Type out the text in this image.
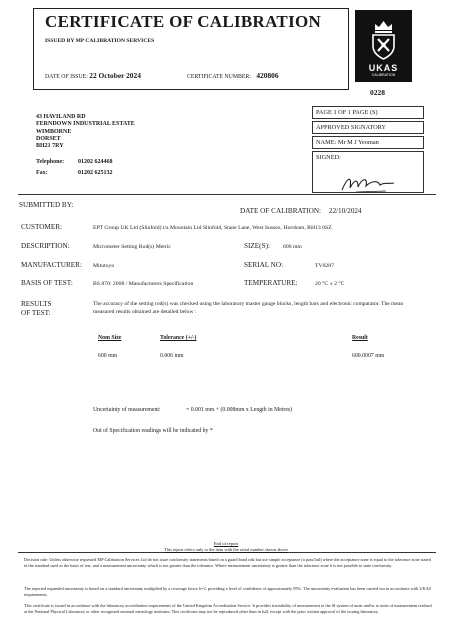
CERTIFICATE OF CALIBRATION
ISSUED BY MP CALIBRATION SERVICES
DATE OF ISSUE: 22 October 2024	CERTIFICATE NUMBER: 420806
UKAS
CALIBRATION
0228
43 HAVILAND RD
FERNDOWN INDUSTRIAL ESTATE
WIMBORNE
DORSET
BH21 7RY
Telephone: 01202 624468
Fax:	01202 625132
PAGE 1 OF 1 PAGE (S)
APPROVED SIGNATORY
NAME: Mr M J Yeoman
SIGNED:
SUBMITTED BY:
DATE OF CALIBRATION: 22/10/2024
CUSTOMER:	EPT Group UK Ltd (Slinfold) t/a Mountain Ltd Slinfold, Stane Lane, West Sussex, Horsham, RH13 0SZ
DESCRIPTION:	Micrometer Setting Rod(s) Metric	SIZE(S): 600 mm
MANUFACTURER: Mitutoyo	SERIAL NO:	TV0287
BASIS OF TEST:	BS 870: 2008 / Manufacturers Specification	TEMPERATURE:	20 °C ± 2 °C
RESULTS
OF TEST:
The accuracy of the setting rod(s) was checked using the laboratory master gauge blocks, length bars and electronic comparator. The mean measured results obtained are detailed below :
Nom Size	Tolerance (+/-)	Result
600 mm	0.006 mm	600.0007 mm
Uncertainty of measurement:	= 0.001 mm + (0.008mm x Length in Metres)
Out of Specification readings will be indicated by *
End of report
This report refers only to the item with the serial number shown above
Decision rule: Unless otherwise requested MP Calibration Services Ltd do not issue conformity statements based on a guard band risk but use simple acceptance (a pass/fail) where the acceptance zone is equal to the tolerance zone stated in the standard used as the basis of test, and a measurement uncertainty which is not greater than the tolerance. Where measurement uncertainty is greater than the tolerance zone it is not possible to state conformity.
The reported expanded uncertainty is based on a standard uncertainty multiplied by a coverage factor k=2, providing a level of confidence of approximately 95%. The uncertainty evaluation has been carried out in accordance with UKAS requirements.
This certificate is issued in accordance with the laboratory accreditation requirements of the United Kingdom Accreditation Service. It provides traceability of measurement to the SI system of units and/or to units of measurement realised at the National Physical Laboratory or other recognised national metrology institutes. This certificate may not be reproduced other than in full, except with the prior written approval of the issuing laboratory.
